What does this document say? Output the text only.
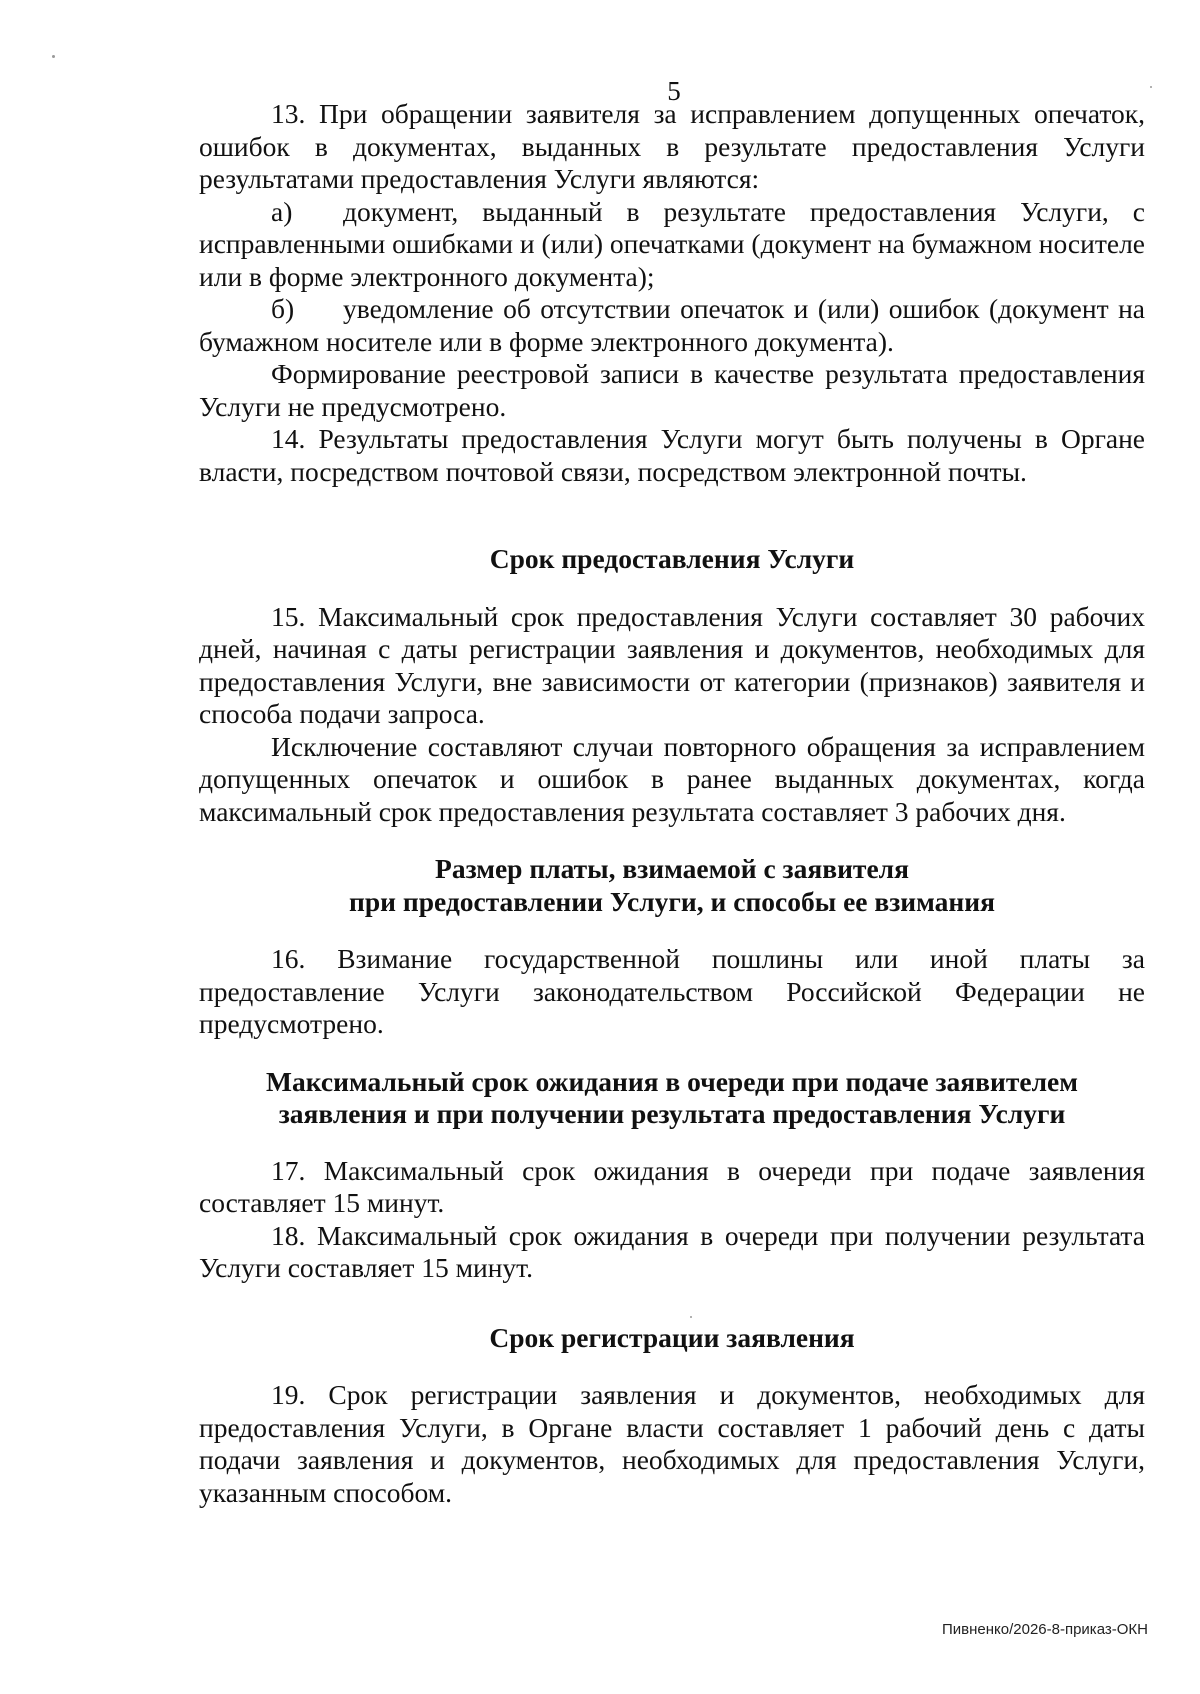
5

13. При обращении заявителя за исправлением допущенных опечаток, ошибок в документах, выданных в результате предоставления Услуги результатами предоставления Услуги являются:

а) документ, выданный в результате предоставления Услуги, с исправленными ошибками и (или) опечатками (документ на бумажном носителе или в форме электронного документа);

б) уведомление об отсутствии опечаток и (или) ошибок (документ на бумажном носителе или в форме электронного документа).

Формирование реестровой записи в качестве результата предоставления Услуги не предусмотрено.

14. Результаты предоставления Услуги могут быть получены в Органе власти, посредством почтовой связи, посредством электронной почты.

Срок предоставления Услуги

15. Максимальный срок предоставления Услуги составляет 30 рабочих дней, начиная с даты регистрации заявления и документов, необходимых для предоставления Услуги, вне зависимости от категории (признаков) заявителя и способа подачи запроса.

Исключение составляют случаи повторного обращения за исправлением допущенных опечаток и ошибок в ранее выданных документах, когда максимальный срок предоставления результата составляет 3 рабочих дня.

Размер платы, взимаемой с заявителя
при предоставлении Услуги, и способы ее взимания

16. Взимание государственной пошлины или иной платы за предоставление Услуги законодательством Российской Федерации не предусмотрено.

Максимальный срок ожидания в очереди при подаче заявителем
заявления и при получении результата предоставления Услуги

17. Максимальный срок ожидания в очереди при подаче заявления составляет 15 минут.

18. Максимальный срок ожидания в очереди при получении результата Услуги составляет 15 минут.

Срок регистрации заявления

19. Срок регистрации заявления и документов, необходимых для предоставления Услуги, в Органе власти составляет 1 рабочий день с даты подачи заявления и документов, необходимых для предоставления Услуги, указанным способом.

Пивненко/2026-8-приказ-ОКН
